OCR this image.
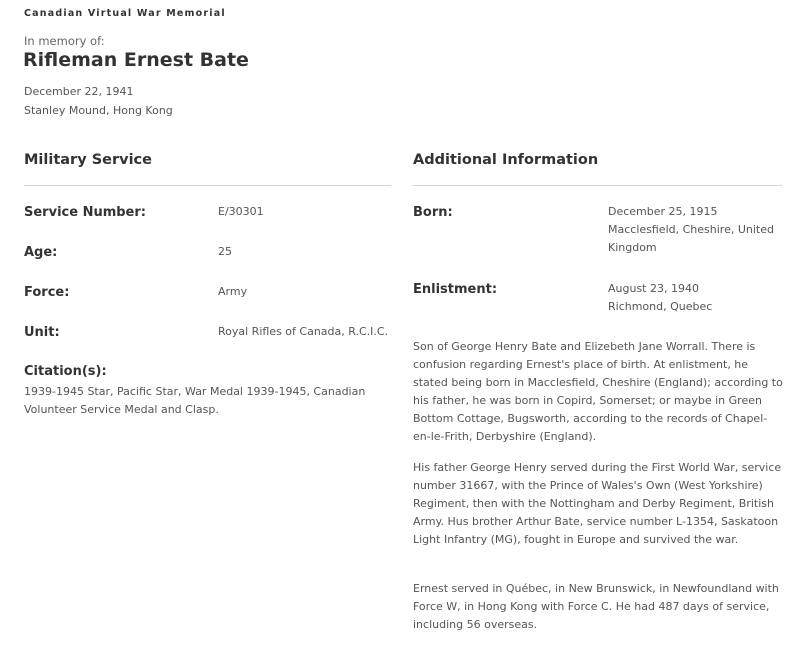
Canadian Virtual War Memorial
In memory of:
Rifleman Ernest Bate
December 22, 1941
Stanley Mound, Hong Kong
Military Service
Service Number:	E/30301
Age:	25
Force:	Army
Unit:	Royal Rifles of Canada, R.C.I.C.
Citation(s):
1939-1945 Star, Pacific Star, War Medal 1939-1945, Canadian Volunteer Service Medal and Clasp.
Additional Information
Born:	December 25, 1915
Macclesfield, Cheshire, United Kingdom
Enlistment:	August 23, 1940
Richmond, Quebec

Son of George Henry Bate and Elizebeth Jane Worrall. There is confusion regarding Ernest's place of birth. At enlistment, he stated being born in Macclesfield, Cheshire (England); according to his father, he was born in Copird, Somerset; or maybe in Green Bottom Cottage, Bugsworth, according to the records of Chapel-en-le-Frith, Derbyshire (England).

His father George Henry served during the First World War, service number 31667, with the Prince of Wales's Own (West Yorkshire) Regiment, then with the Nottingham and Derby Regiment, British Army. Hus brother Arthur Bate, service number L-1354, Saskatoon Light Infantry (MG), fought in Europe and survived the war.

Ernest served in Québec, in New Brunswick, in Newfoundland with Force W, in Hong Kong with Force C. He had 487 days of service, including 56 overseas.
